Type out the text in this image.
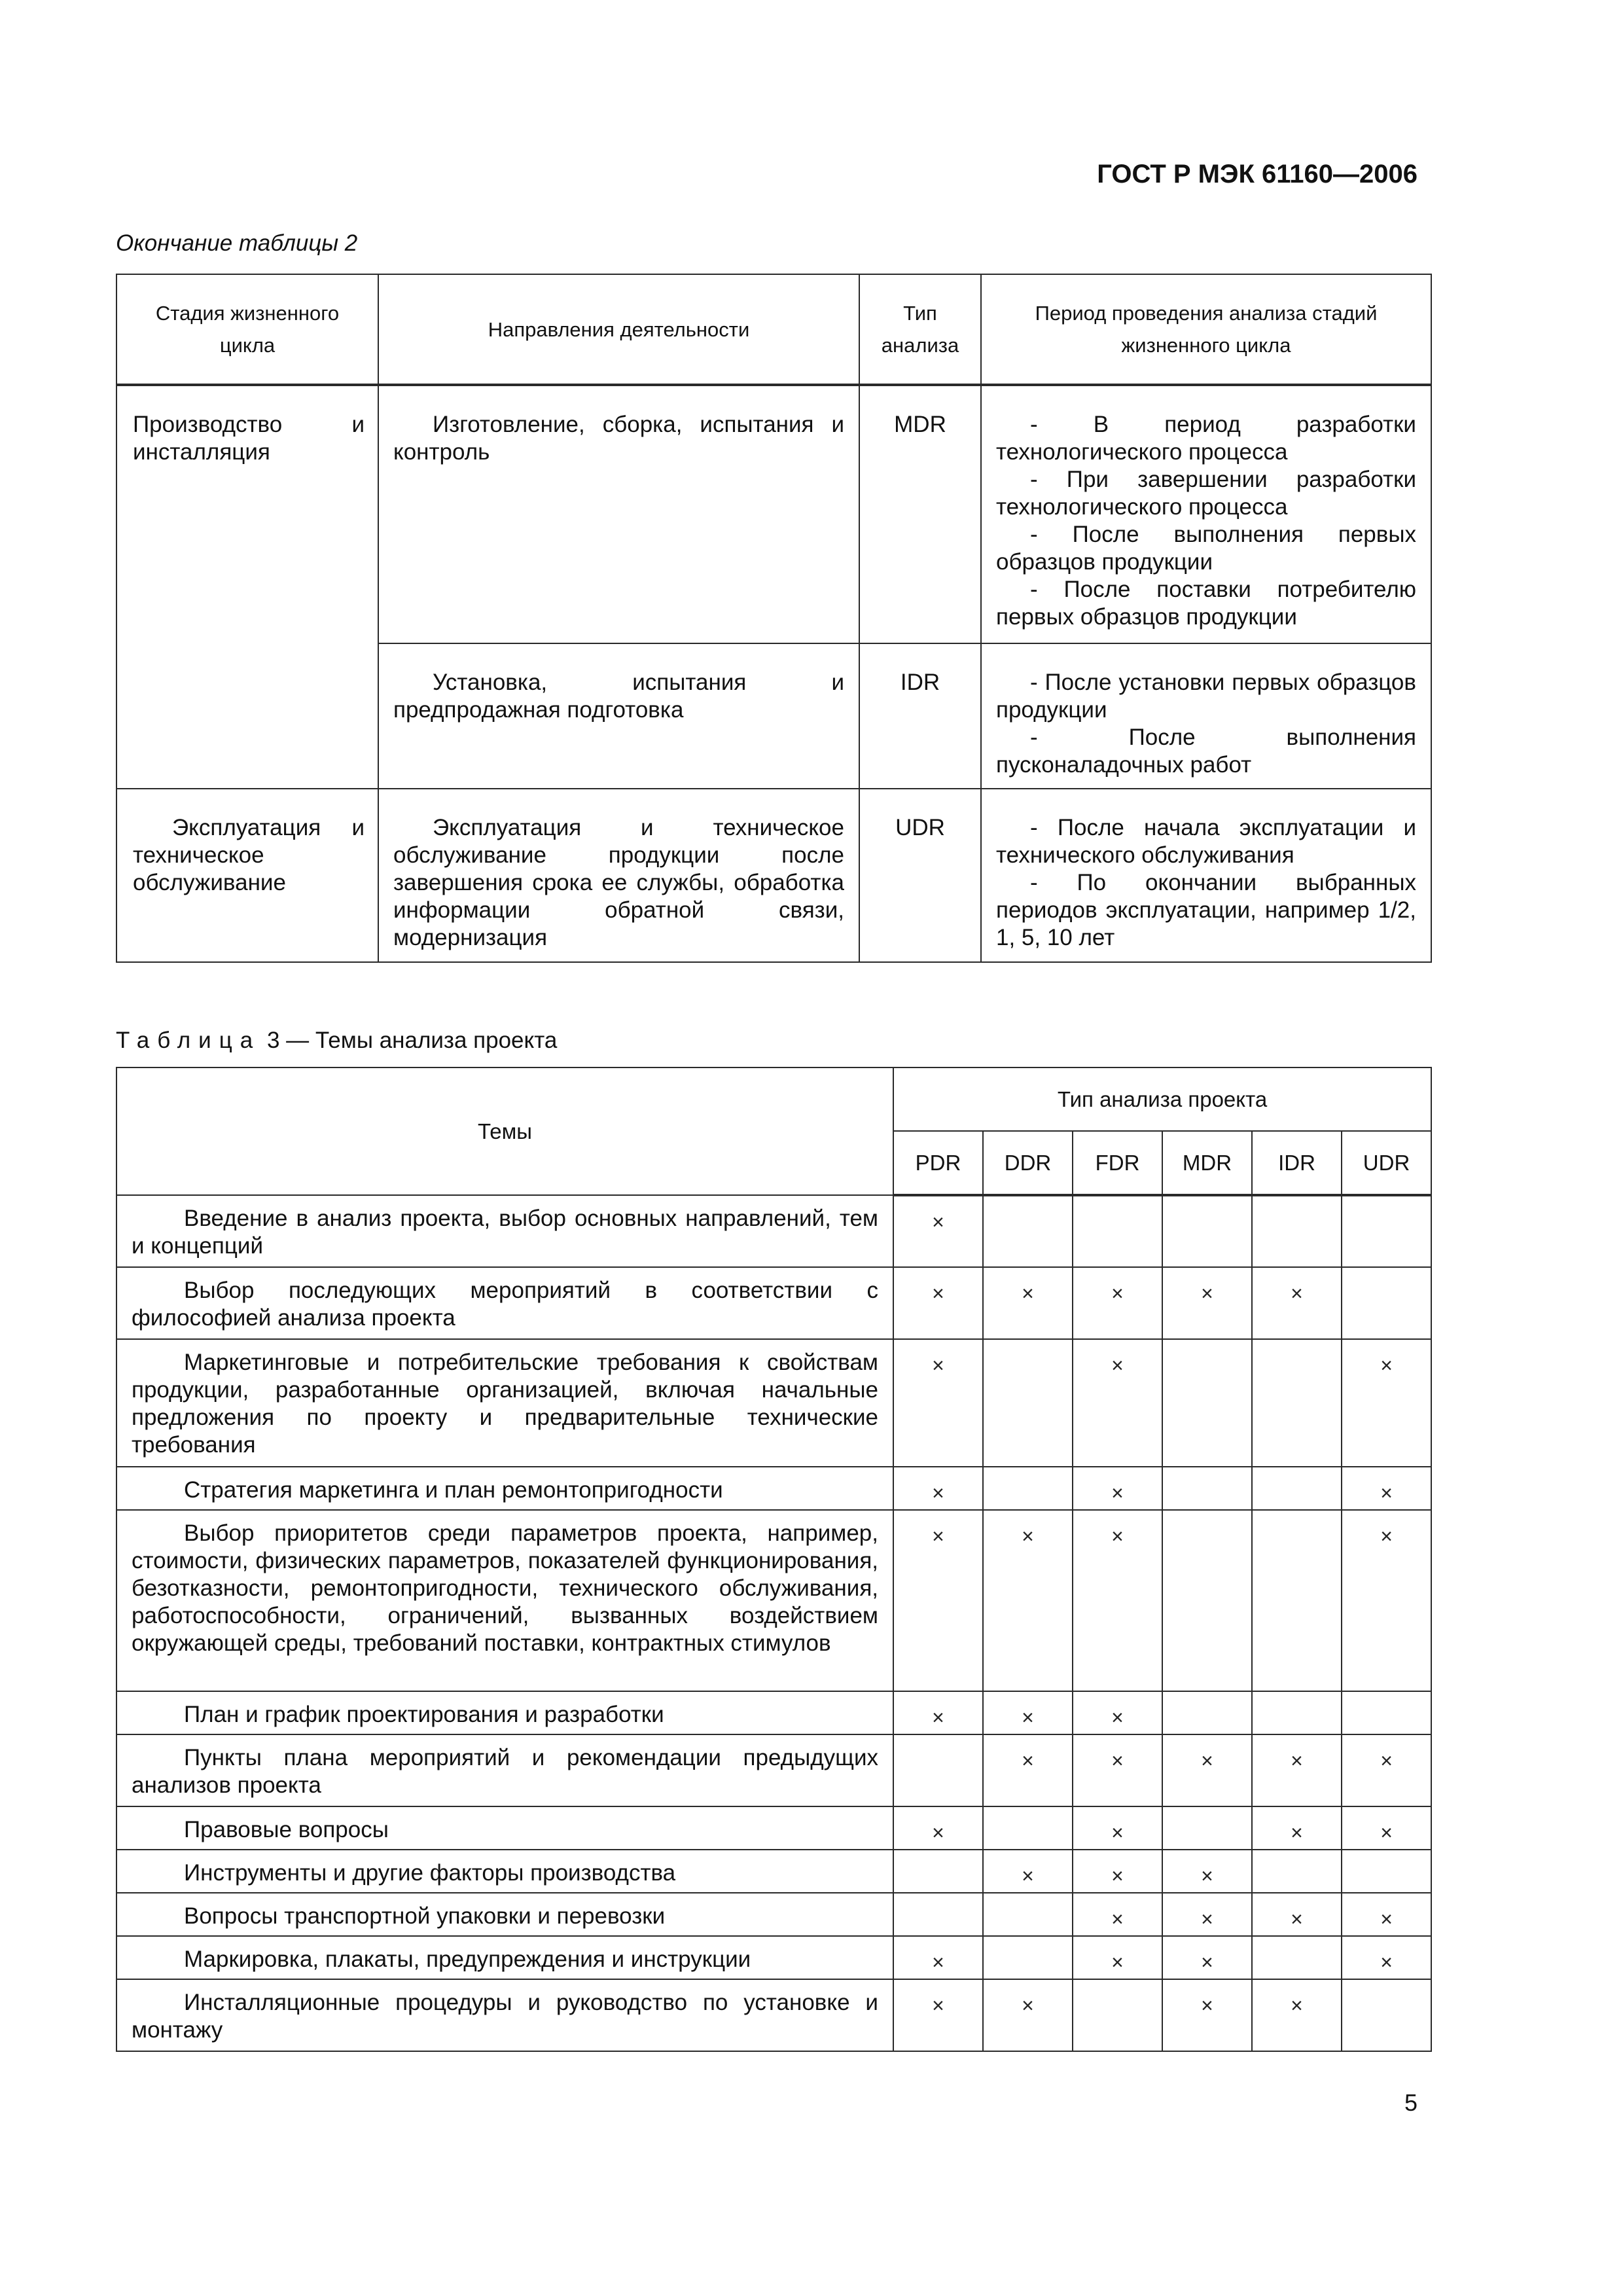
ГОСТ Р МЭК 61160—2006
Окончание таблицы 2
Стадия жизненного цикла	Направления деятельности	Тип анализа	Период проведения анализа стадий жизненного цикла
Производство и инсталляция	Изготовление, сборка, испытания и контроль	MDR	- В период разработки технологического процесса

- При завершении разработки технологического процесса

- После выполнения первых образцов продукции

- После поставки потребителю первых образцов продукции

	Установка, испытания и предпродажная подготовка	IDR	- После установки первых образцов продукции

- После выполнения пусконаладочных работ

Эксплуатация и техническое обслуживание	Эксплуатация и техническое обслуживание продукции после завершения срока ее службы, обработка информации обратной связи, модернизация	UDR	- После начала эксплуатации и технического обслуживания

- По окончании выбранных периодов эксплуатации, например 1/2, 1, 5, 10 лет

Таблица 3 — Темы анализа проекта
Темы	Тип анализа проекта					
	PDR	DDR	FDR	MDR	IDR	UDR
Введение в анализ проекта, выбор основных направлений, тем и концепций	×					
Выбор последующих мероприятий в соответствии с философией анализа проекта	×	×	×	×	×	
Маркетинговые и потребительские требования к свойствам продукции, разработанные организацией, включая начальные предложения по проекту и предварительные технические требования	×		×			×
Стратегия маркетинга и план ремонтопригодности	×		×			×
Выбор приоритетов среди параметров проекта, например, стоимости, физических параметров, показателей функционирования, безотказности, ремонтопригодности, технического обслуживания, работоспособности, ограничений, вызванных воздействием окружающей среды, требований поставки, контрактных стимулов	×	×	×			×
План и график проектирования и разработки	×	×	×			
Пункты плана мероприятий и рекомендации предыдущих анализов проекта		×	×	×	×	×
Правовые вопросы	×		×		×	×
Инструменты и другие факторы производства		×	×	×		
Вопросы транспортной упаковки и перевозки			×	×	×	×
Маркировка, плакаты, предупреждения и инструкции	×		×	×		×
Инсталляционные процедуры и руководство по установке и монтажу	×	×		×	×	
5
